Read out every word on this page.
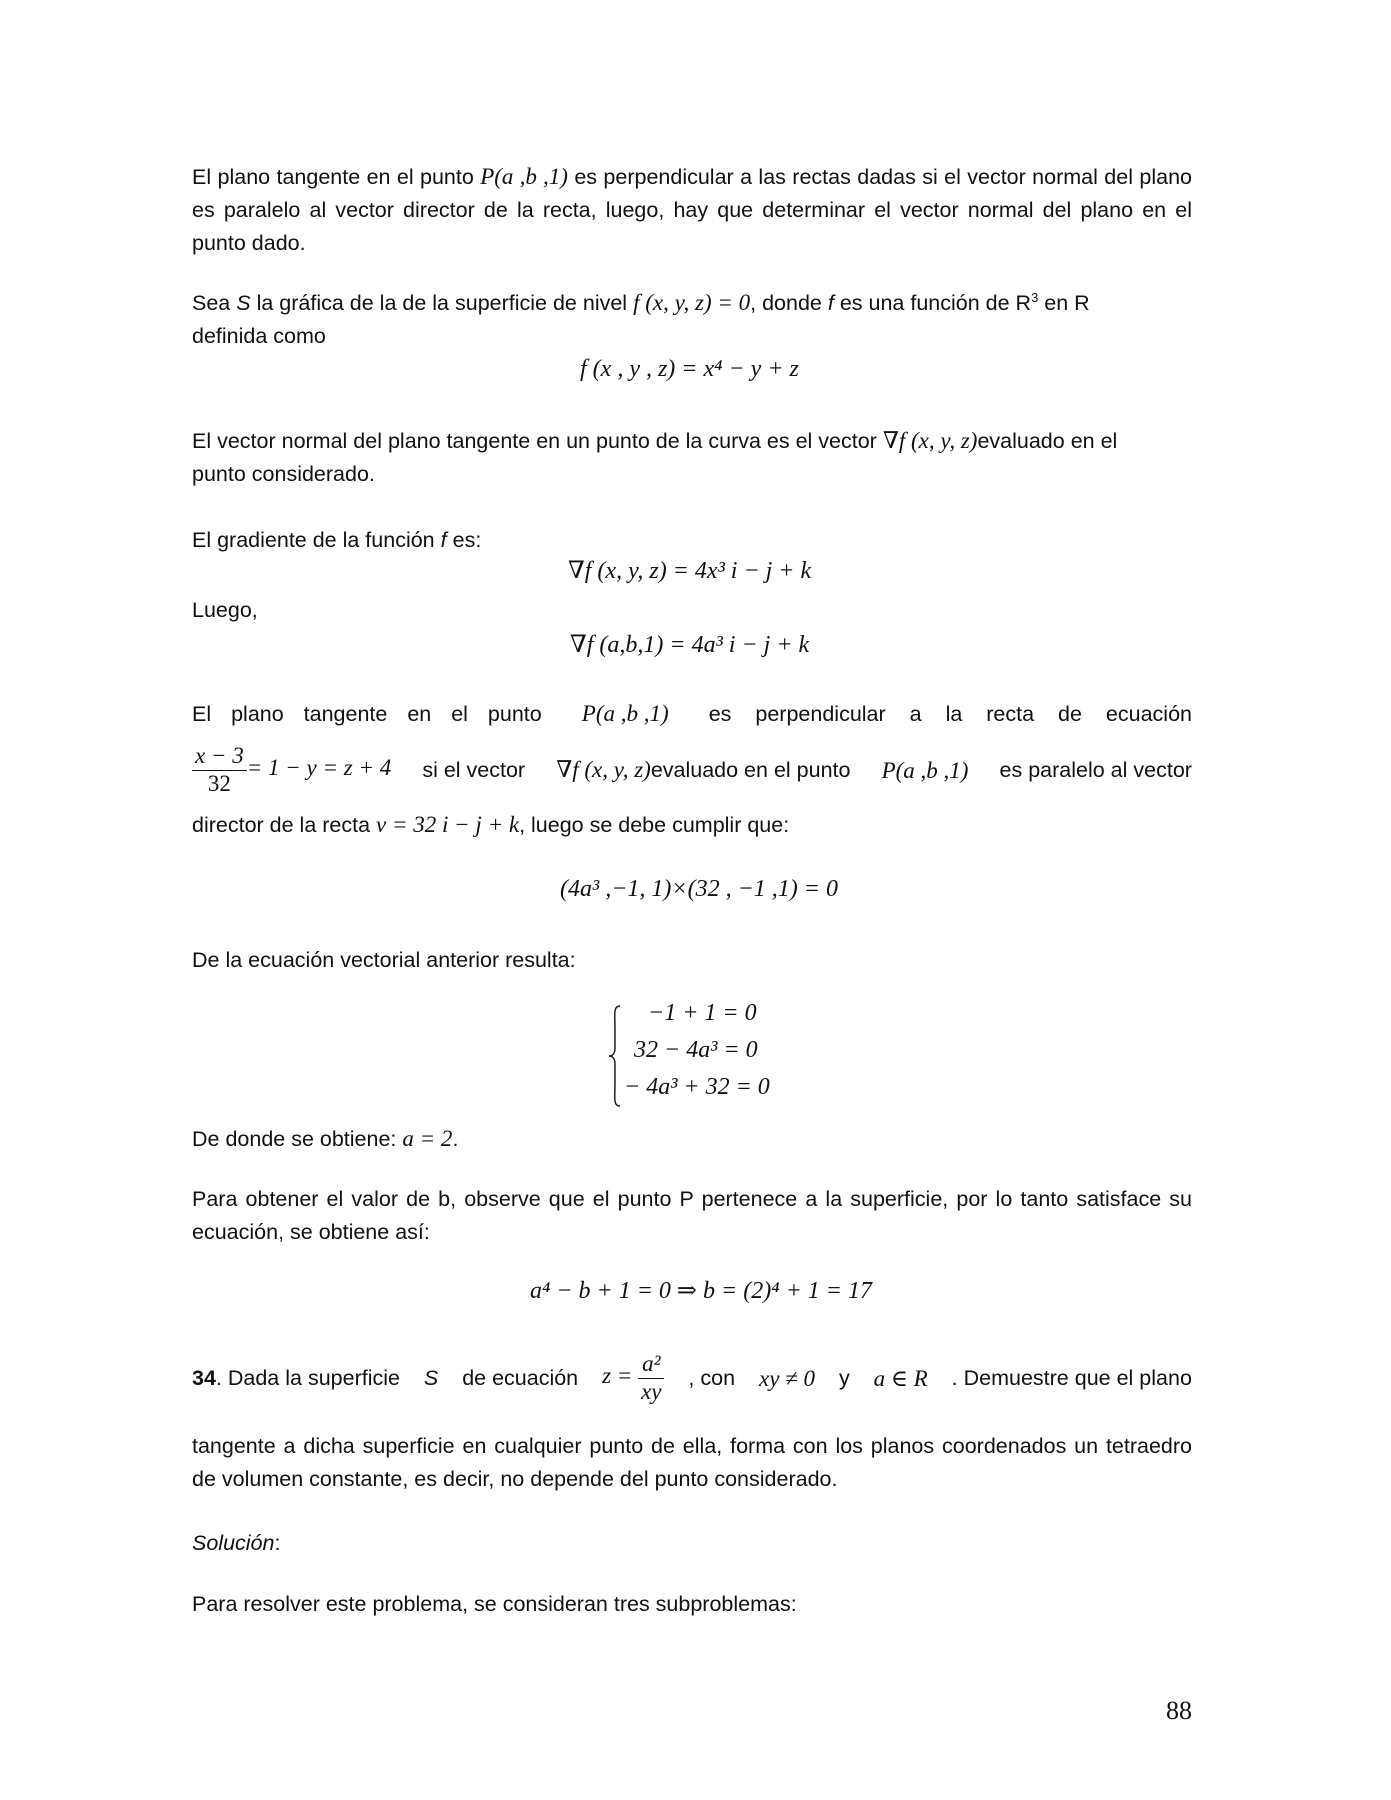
El plano tangente en el punto P(a ,b ,1) es perpendicular a las rectas dadas si el vector normal del plano es paralelo al vector director de la recta, luego, hay que determinar el vector normal del plano en el punto dado.
Sea S la gráfica de la de la superficie de nivel f (x, y, z) = 0, donde f es una función de $R^3$ en R
definida como
f (x , y , z) = x⁴ − y + z
El vector normal del plano tangente en un punto de la curva es el vector ∇f (x, y, z)evaluado en el
punto considerado.
El gradiente de la función f es:
∇f (x, y, z) = 4x³ i − j + k
Luego,
∇f (a,b,1) = 4a³ i − j + k
El plano tangente en el punto P(a ,b ,1) es perpendicular a la recta de ecuación
$\frac{x - 3}{32} = 1 - y = z + 4$ si el vector ∇f (x, y, z)evaluado en el punto P(a ,b ,1) es paralelo al vector
director de la recta v = 32 i − j + k, luego se debe cumplir que:
(4a³ ,−1, 1)×(32 , −1 ,1) = 0
De la ecuación vectorial anterior resulta:
−1 + 1 = 0
32 − 4a³ = 0
− 4a³ + 32 = 0
De donde se obtiene: a = 2.
Para obtener el valor de b, observe que el punto P pertenece a la superficie, por lo tanto satisface su ecuación, se obtiene así:
a⁴ − b + 1 = 0 ⇒ b = (2)⁴ + 1 = 17
34. Dada la superficie S de ecuación $z = \frac{\text{a²}}{xy}$ , con xy ≠ 0 y a ∈ R . Demuestre que el plano
tangente a dicha superficie en cualquier punto de ella, forma con los planos coordenados un tetraedro de volumen constante, es decir, no depende del punto considerado.
Solución:
Para resolver este problema, se consideran tres subproblemas:
88
